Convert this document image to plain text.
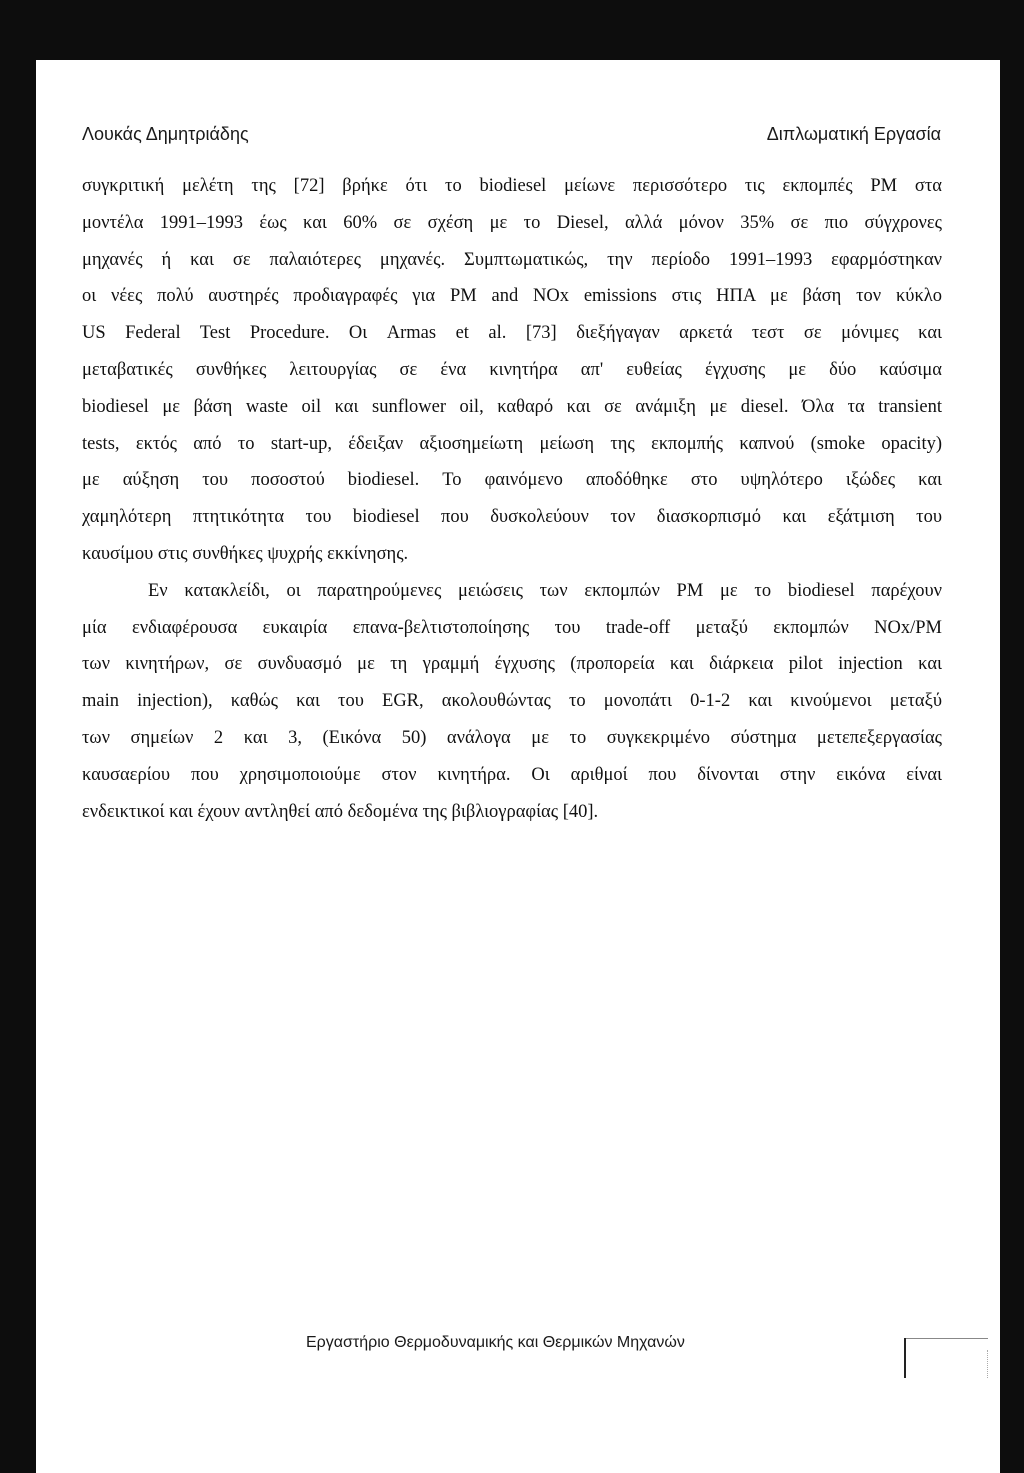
Λουκάς Δημητριάδης	Διπλωματική Εργασία
συγκριτική μελέτη της [72] βρήκε ότι το biodiesel μείωνε περισσότερο τις εκπομπές PM στα
μοντέλα 1991–1993 έως και 60% σε σχέση με το Diesel, αλλά μόνον 35% σε πιο σύγχρονες
μηχανές ή και σε παλαιότερες μηχανές. Συμπτωματικώς, την περίοδο 1991–1993 εφαρμόστηκαν
οι νέες πολύ αυστηρές προδιαγραφές για PM and NOx emissions στις ΗΠΑ με βάση τον κύκλο
US Federal Test Procedure. Οι Armas et al. [73] διεξήγαγαν αρκετά τεστ σε μόνιμες και
μεταβατικές συνθήκες λειτουργίας σε ένα κινητήρα απ' ευθείας έγχυσης με δύο καύσιμα
biodiesel με βάση waste oil και sunflower oil, καθαρό και σε ανάμιξη με diesel. Όλα τα transient
tests, εκτός από το start-up, έδειξαν αξιοσημείωτη μείωση της εκπομπής καπνού (smoke opacity)
με αύξηση του ποσοστού biodiesel. Το φαινόμενο αποδόθηκε στο υψηλότερο ιξώδες και
χαμηλότερη πτητικότητα του biodiesel που δυσκολεύουν τον διασκορπισμό και εξάτμιση του
καυσίμου στις συνθήκες ψυχρής εκκίνησης.
Εν κατακλείδι, οι παρατηρούμενες μειώσεις των εκπομπών PM με το biodiesel παρέχουν
μία ενδιαφέρουσα ευκαιρία επανα-βελτιστοποίησης του trade-off μεταξύ εκπομπών NOx/PM
των κινητήρων, σε συνδυασμό με τη γραμμή έγχυσης (προπορεία και διάρκεια pilot injection και
main injection), καθώς και του EGR, ακολουθώντας το μονοπάτι 0-1-2 και κινούμενοι μεταξύ
των σημείων 2 και 3, (Εικόνα 50) ανάλογα με το συγκεκριμένο σύστημα μετεπεξεργασίας
καυσαερίου που χρησιμοποιούμε στον κινητήρα. Οι αριθμοί που δίνονται στην εικόνα είναι
ενδεικτικοί και έχουν αντληθεί από δεδομένα της βιβλιογραφίας [40].
Εργαστήριο Θερμοδυναμικής και Θερμικών Μηχανών
